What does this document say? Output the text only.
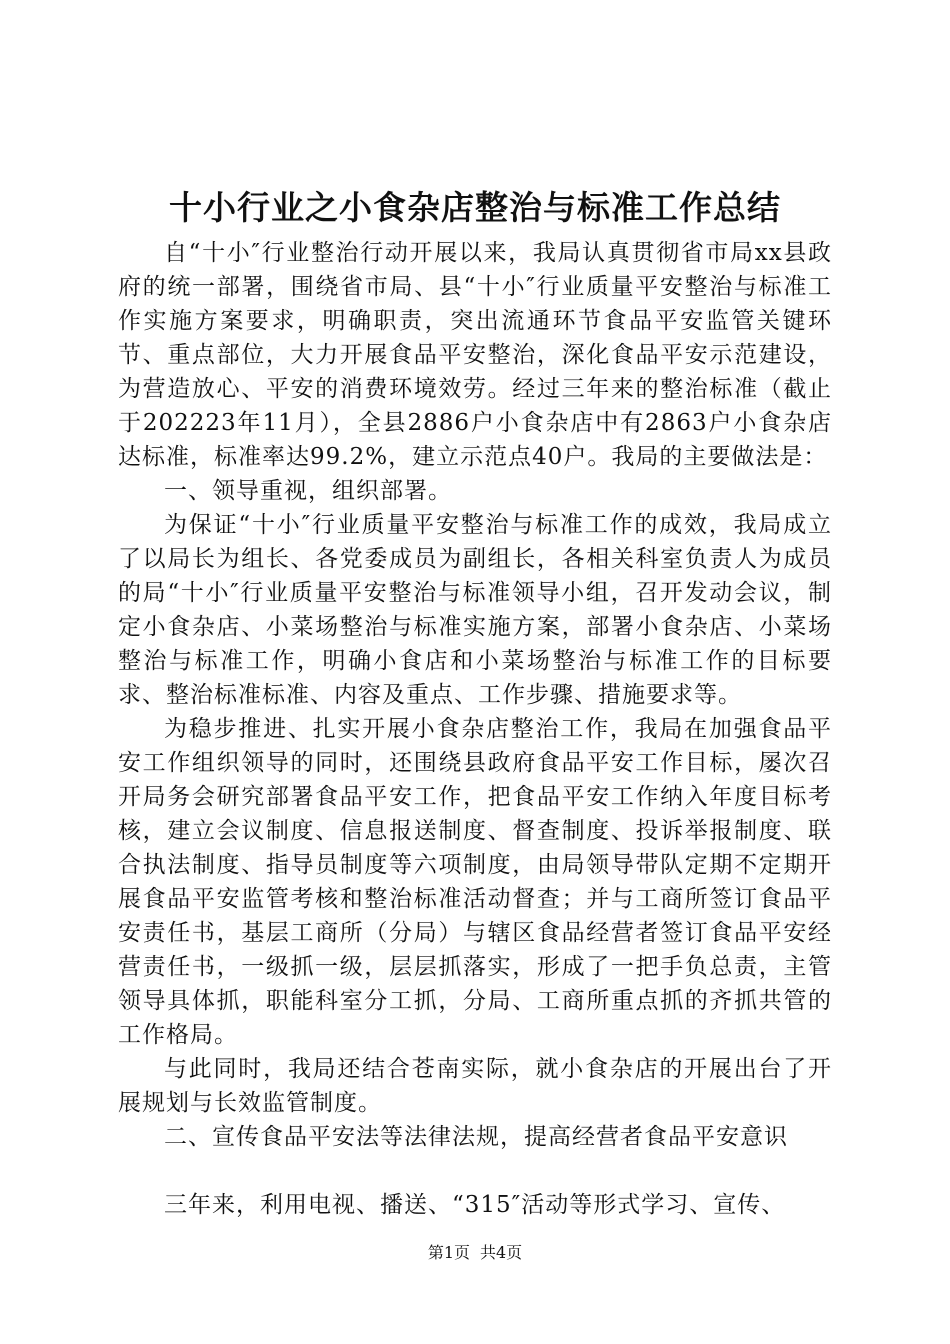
十小行业之小食杂店整治与标准工作总结

自“十小″行业整治行动开展以来，我局认真贯彻省市局xx县政府的统一部署，围绕省市局、县“十小″行业质量平安整治与标准工作实施方案要求，明确职责，突出流通环节食品平安监管关键环节、重点部位，大力开展食品平安整治，深化食品平安示范建设，为营造放心、平安的消费环境效劳。经过三年来的整治标准（截止于202223年11月），全县2886户小食杂店中有2863户小食杂店达标准，标准率达99.2%，建立示范点40户。我局的主要做法是：

一、领导重视，组织部署。

为保证“十小″行业质量平安整治与标准工作的成效，我局成立了以局长为组长、各党委成员为副组长，各相关科室负责人为成员的局“十小″行业质量平安整治与标准领导小组，召开发动会议，制定小食杂店、小菜场整治与标准实施方案，部署小食杂店、小菜场整治与标准工作，明确小食店和小菜场整治与标准工作的目标要求、整治标准标准、内容及重点、工作步骤、措施要求等。

为稳步推进、扎实开展小食杂店整治工作，我局在加强食品平安工作组织领导的同时，还围绕县政府食品平安工作目标，屡次召开局务会研究部署食品平安工作，把食品平安工作纳入年度目标考核，建立会议制度、信息报送制度、督查制度、投诉举报制度、联合执法制度、指导员制度等六项制度，由局领导带队定期不定期开展食品平安监管考核和整治标准活动督查；并与工商所签订食品平安责任书，基层工商所（分局）与辖区食品经营者签订食品平安经营责任书，一级抓一级，层层抓落实，形成了一把手负总责，主管领导具体抓，职能科室分工抓，分局、工商所重点抓的齐抓共管的工作格局。

与此同时，我局还结合苍南实际，就小食杂店的开展出台了开展规划与长效监管制度。

二、宣传食品平安法等法律法规，提高经营者食品平安意识

三年来，利用电视、播送、“315″活动等形式学习、宣传、

第1页 共4页
